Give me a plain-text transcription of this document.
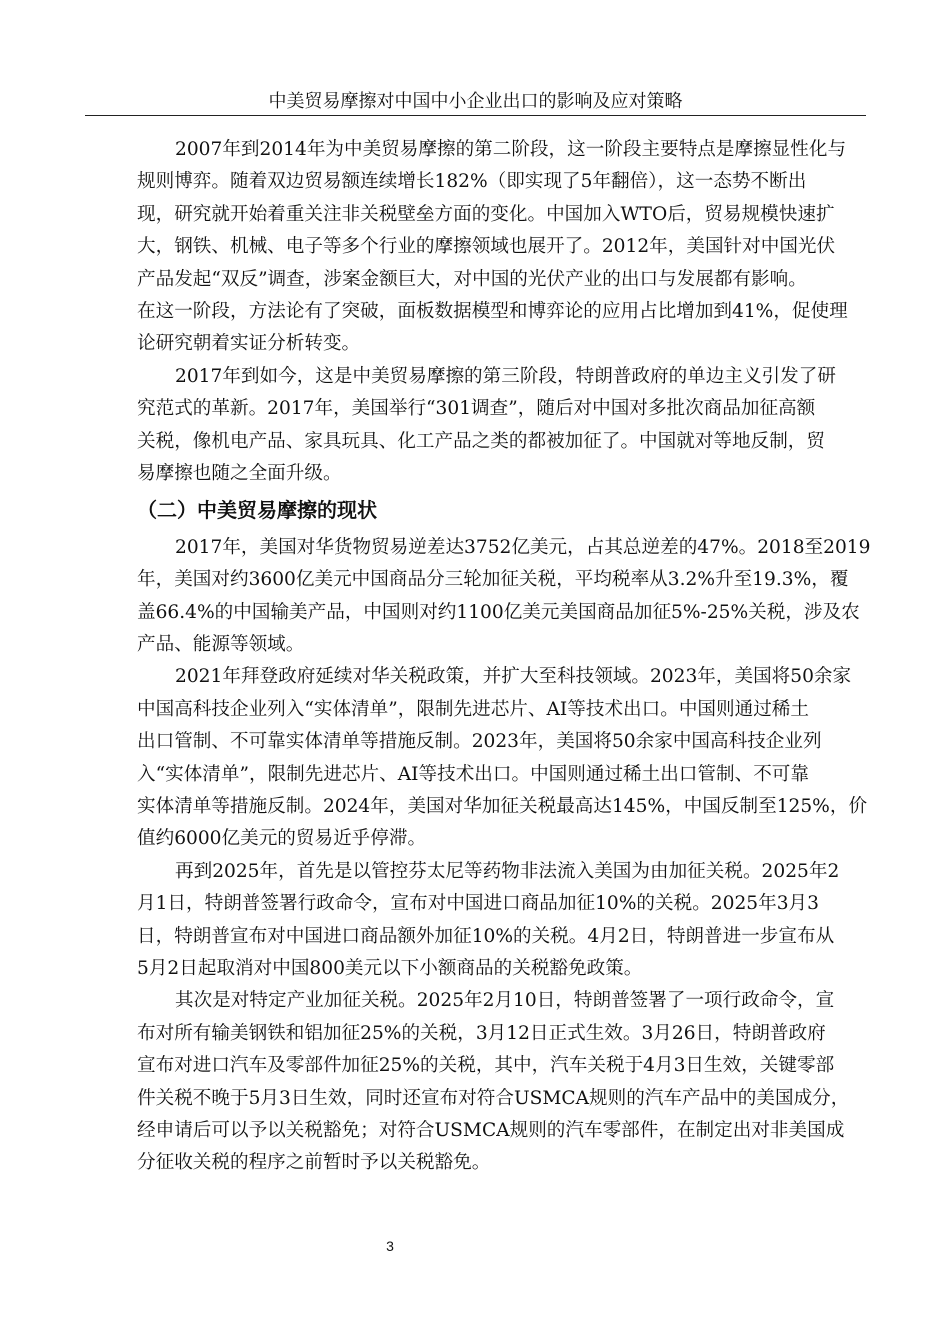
中美贸易摩擦对中国中小企业出口的影响及应对策略
2007年到2014年为中美贸易摩擦的第二阶段，这一阶段主要特点是摩擦显性化与
规则博弈。随着双边贸易额连续增长182%（即实现了5年翻倍），这一态势不断出
现，研究就开始着重关注非关税壁垒方面的变化。中国加入WTO后，贸易规模快速扩
大，钢铁、机械、电子等多个行业的摩擦领域也展开了。2012年，美国针对中国光伏
产品发起“双反”调查，涉案金额巨大，对中国的光伏产业的出口与发展都有影响。
在这一阶段，方法论有了突破，面板数据模型和博弈论的应用占比增加到41%，促使理
论研究朝着实证分析转变。
2017年到如今，这是中美贸易摩擦的第三阶段，特朗普政府的单边主义引发了研
究范式的革新。2017年，美国举行“301调查”，随后对中国对多批次商品加征高额
关税，像机电产品、家具玩具、化工产品之类的都被加征了。中国就对等地反制，贸
易摩擦也随之全面升级。
（二）中美贸易摩擦的现状
2017年，美国对华货物贸易逆差达3752亿美元，占其总逆差的47%。2018至2019
年，美国对约3600亿美元中国商品分三轮加征关税，平均税率从3.2%升至19.3%，覆
盖66.4%的中国输美产品，中国则对约1100亿美元美国商品加征5%-25%关税，涉及农
产品、能源等领域。
2021年拜登政府延续对华关税政策，并扩大至科技领域。2023年，美国将50余家
中国高科技企业列入“实体清单”，限制先进芯片、AI等技术出口。中国则通过稀土
出口管制、不可靠实体清单等措施反制。2023年，美国将50余家中国高科技企业列
入“实体清单”，限制先进芯片、AI等技术出口。中国则通过稀土出口管制、不可靠
实体清单等措施反制。2024年，美国对华加征关税最高达145%，中国反制至125%，价
值约6000亿美元的贸易近乎停滞。
再到2025年，首先是以管控芬太尼等药物非法流入美国为由加征关税。2025年2
月1日，特朗普签署行政命令，宣布对中国进口商品加征10%的关税。2025年3月3
日，特朗普宣布对中国进口商品额外加征10%的关税。4月2日，特朗普进一步宣布从
5月2日起取消对中国800美元以下小额商品的关税豁免政策。
其次是对特定产业加征关税。2025年2月10日，特朗普签署了一项行政命令，宣
布对所有输美钢铁和铝加征25%的关税，3月12日正式生效。3月26日，特朗普政府
宣布对进口汽车及零部件加征25%的关税，其中，汽车关税于4月3日生效，关键零部
件关税不晚于5月3日生效，同时还宣布对符合USMCA规则的汽车产品中的美国成分，
经申请后可以予以关税豁免；对符合USMCA规则的汽车零部件，在制定出对非美国成
分征收关税的程序之前暂时予以关税豁免。
3
